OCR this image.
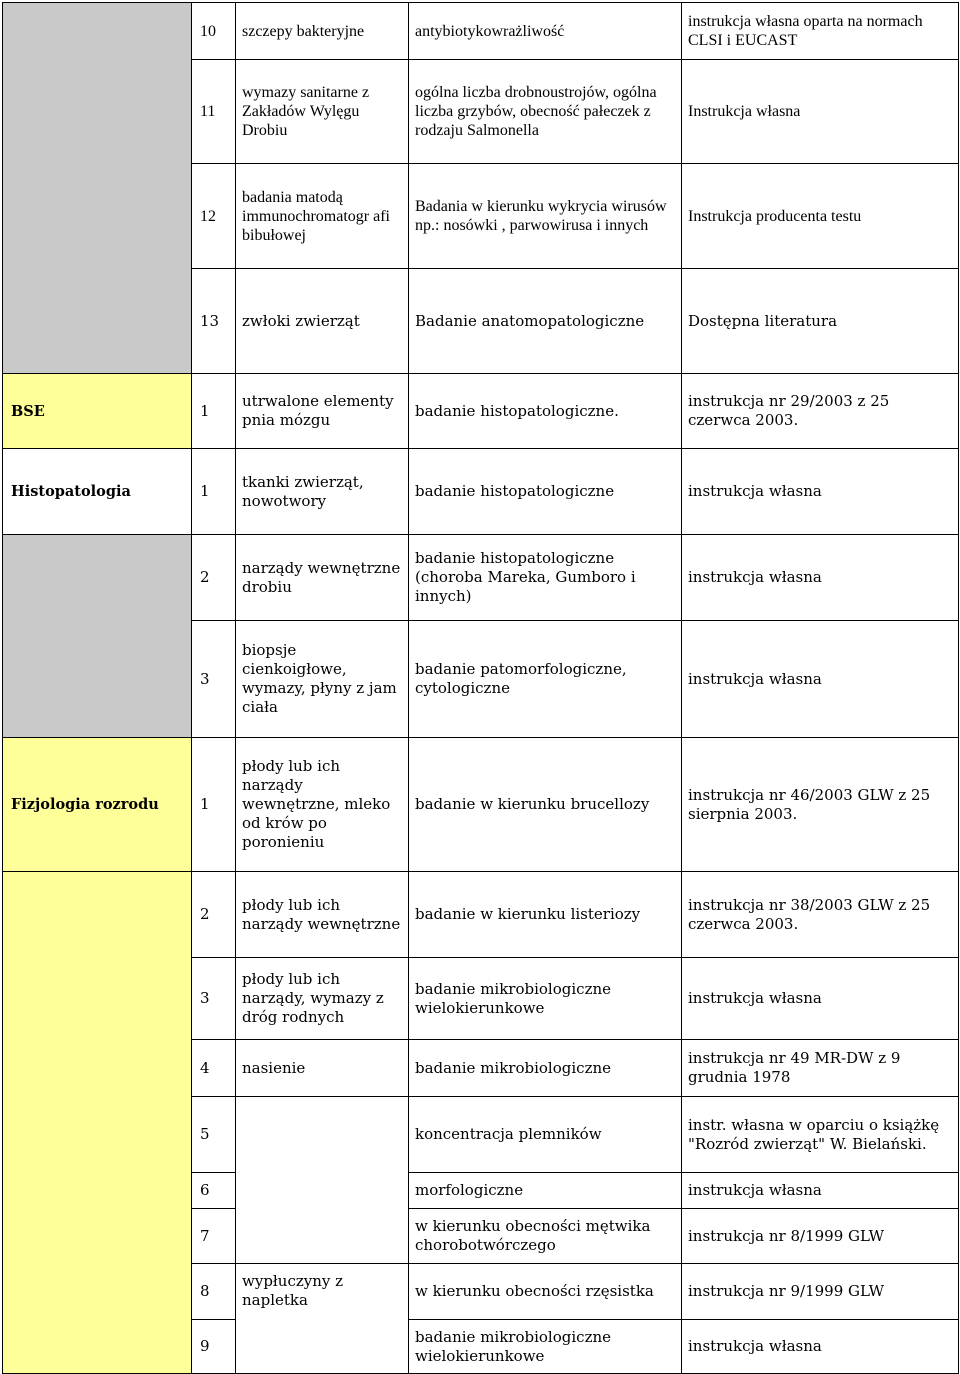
	10	szczepy bakteryjne	antybiotykowrażliwość	instrukcja własna oparta na normach CLSI i EUCAST
	11	wymazy sanitarne z Zakładów Wylęgu Drobiu	ogólna liczba drobnoustrojów, ogólna liczba grzybów, obecność pałeczek z rodzaju Salmonella	Instrukcja własna
	12	badania matodą immunochromatogr afi bibułowej	Badania w kierunku wykrycia wirusów np.: nosówki , parwowirusa i innych	Instrukcja producenta testu
	13	zwłoki zwierząt	Badanie anatomopatologiczne	Dostępna literatura
BSE	1	utrwalone elementy pnia mózgu	badanie histopatologiczne.	instrukcja nr 29/2003 z 25 czerwca 2003.
Histopatologia	1	tkanki zwierząt, nowotwory	badanie histopatologiczne	instrukcja własna
	2	narządy wewnętrzne drobiu	badanie histopatologiczne (choroba Mareka, Gumboro i innych)	instrukcja własna
	3	biopsje cienkoigłowe, wymazy, płyny z jam ciała	badanie patomorfologiczne, cytologiczne	instrukcja własna
Fizjologia rozrodu	1	płody lub ich narządy wewnętrzne, mleko od krów po poronieniu	badanie w kierunku brucellozy	instrukcja nr 46/2003 GLW z 25 sierpnia 2003.
	2	płody lub ich narządy wewnętrzne	badanie w kierunku listeriozy	instrukcja nr 38/2003 GLW z 25 czerwca 2003.
	3	płody lub ich narządy, wymazy z dróg rodnych	badanie mikrobiologiczne wielokierunkowe	instrukcja własna
	4	nasienie	badanie mikrobiologiczne	instrukcja nr 49 MR-DW z 9 grudnia 1978
	5		koncentracja plemników	instr. własna w oparciu o książkę "Rozród zwierząt" W. Bielański.
	6		morfologiczne	instrukcja własna
	7		w kierunku obecności mętwika chorobotwórczego	instrukcja nr 8/1999 GLW
	8	wypłuczyny z napletka	w kierunku obecności rzęsistka	instrukcja nr 9/1999 GLW
	9		badanie mikrobiologiczne wielokierunkowe	instrukcja własna
